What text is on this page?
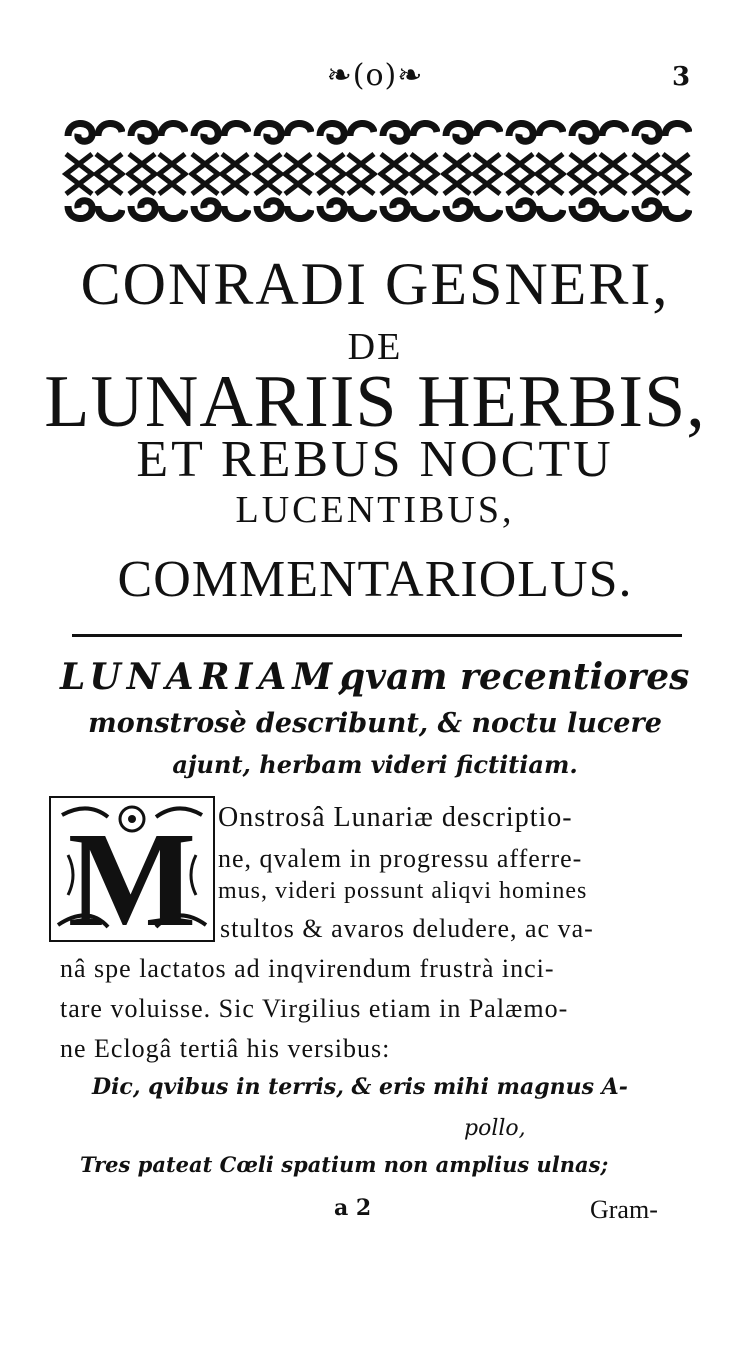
❧(o)❧	3
CONRADI GESNERI,
DE
LUNARIIS HERBIS,
ET REBUS NOCTU
LUCENTIBUS,
COMMENTARIOLUS.
LUNARIAM,
qvam recentiores
monstrosè describunt, & noctu lucere
ajunt, herbam videri fictitiam.
M Onstrosâ Lunariæ descriptio-
ne, qvalem in progressu afferre-
mus, videri possunt aliqvi homines
stultos & avaros deludere, ac va-
nâ spe lactatos ad inqvirendum frustrà inci-
tare voluisse. Sic Virgilius etiam in Palæmo-
ne Eclogâ tertiâ his versibus:
Dic, qvibus in terris, & eris mihi magnus A-
pollo,
Tres pateat Cœli spatium non amplius ulnas;
a 2	Gram-
